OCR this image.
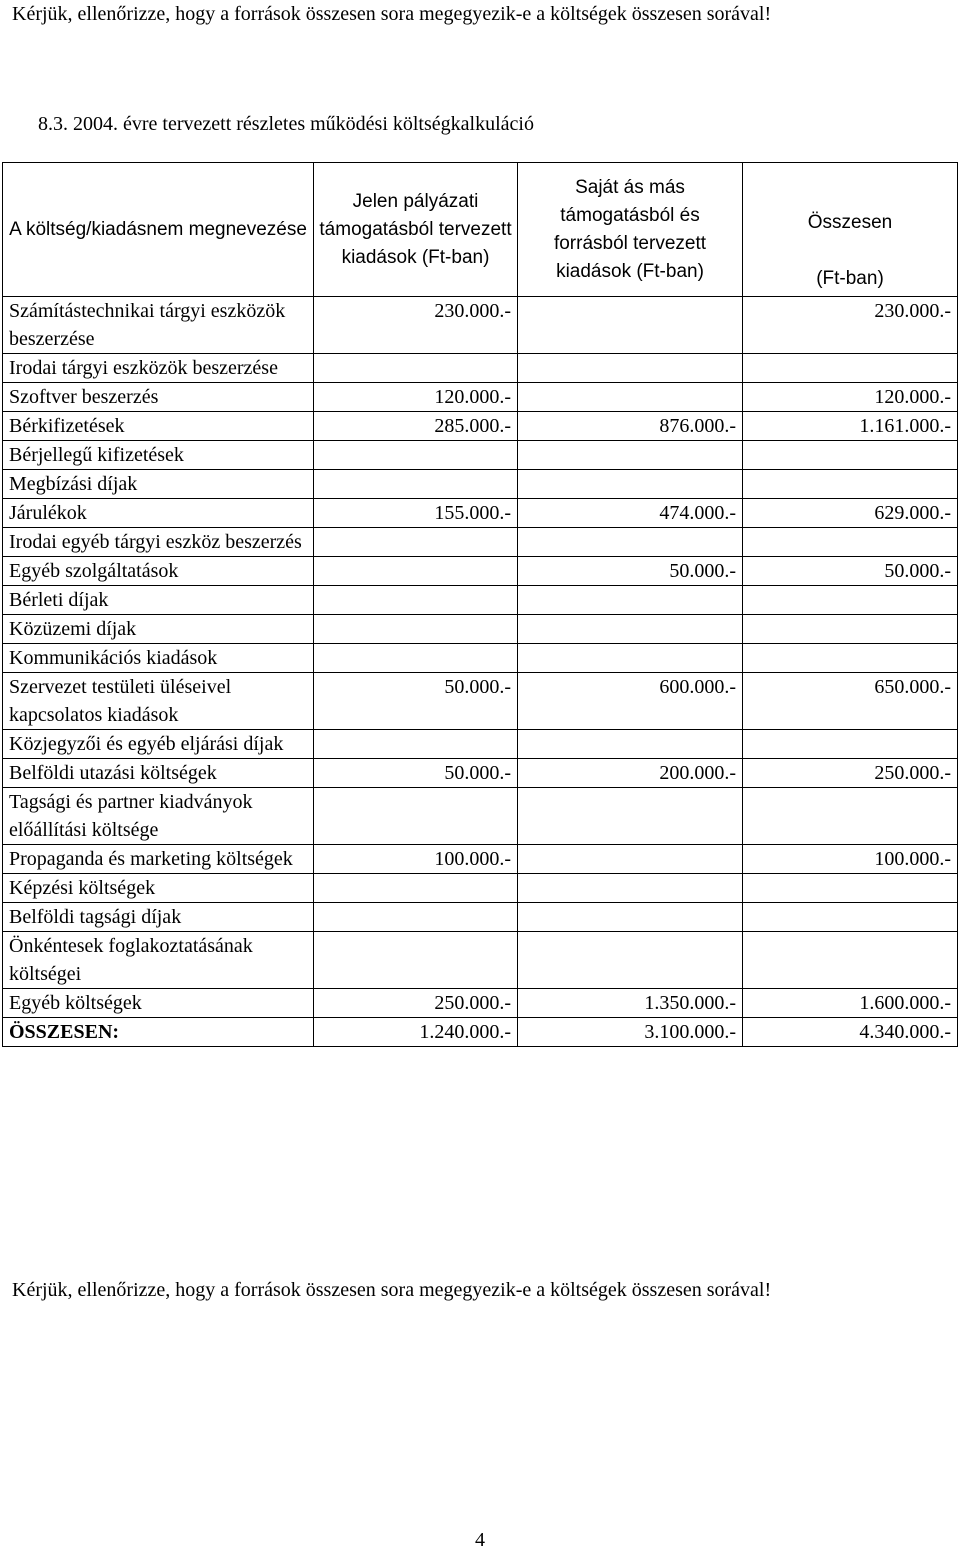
Kérjük, ellenőrizze, hogy a források összesen sora megegyezik-e a költségek összesen sorával!

8.3. 2004. évre tervezett részletes működési költségkalkuláció

A költség/kiadásnem megnevezése	Jelen pályázati támogatásból tervezett kiadások (Ft-ban)	Saját ás más támogatásból és forrásból tervezett kiadások (Ft-ban)	Összesen
(Ft-ban)
Számítástechnikai tárgyi eszközök beszerzése	230.000.-		230.000.-
Irodai tárgyi eszközök beszerzése			
Szoftver beszerzés	120.000.-		120.000.-
Bérkifizetések	285.000.-	876.000.-	1.161.000.-
Bérjellegű kifizetések			
Megbízási díjak			
Járulékok	155.000.-	474.000.-	629.000.-
Irodai egyéb tárgyi eszköz beszerzés			
Egyéb szolgáltatások		50.000.-	50.000.-
Bérleti díjak			
Közüzemi díjak			
Kommunikációs kiadások			
Szervezet testületi üléseivel kapcsolatos kiadások	50.000.-	600.000.-	650.000.-
Közjegyzői és egyéb eljárási díjak			
Belföldi utazási költségek	50.000.-	200.000.-	250.000.-
Tagsági és partner kiadványok előállítási költsége			
Propaganda és marketing költségek	100.000.-		100.000.-
Képzési költségek			
Belföldi tagsági díjak			
Önkéntesek foglakoztatásának költségei			
Egyéb költségek	250.000.-	1.350.000.-	1.600.000.-
ÖSSZESEN:	1.240.000.-	3.100.000.-	4.340.000.-

Kérjük, ellenőrizze, hogy a források összesen sora megegyezik-e a költségek összesen sorával!

4
